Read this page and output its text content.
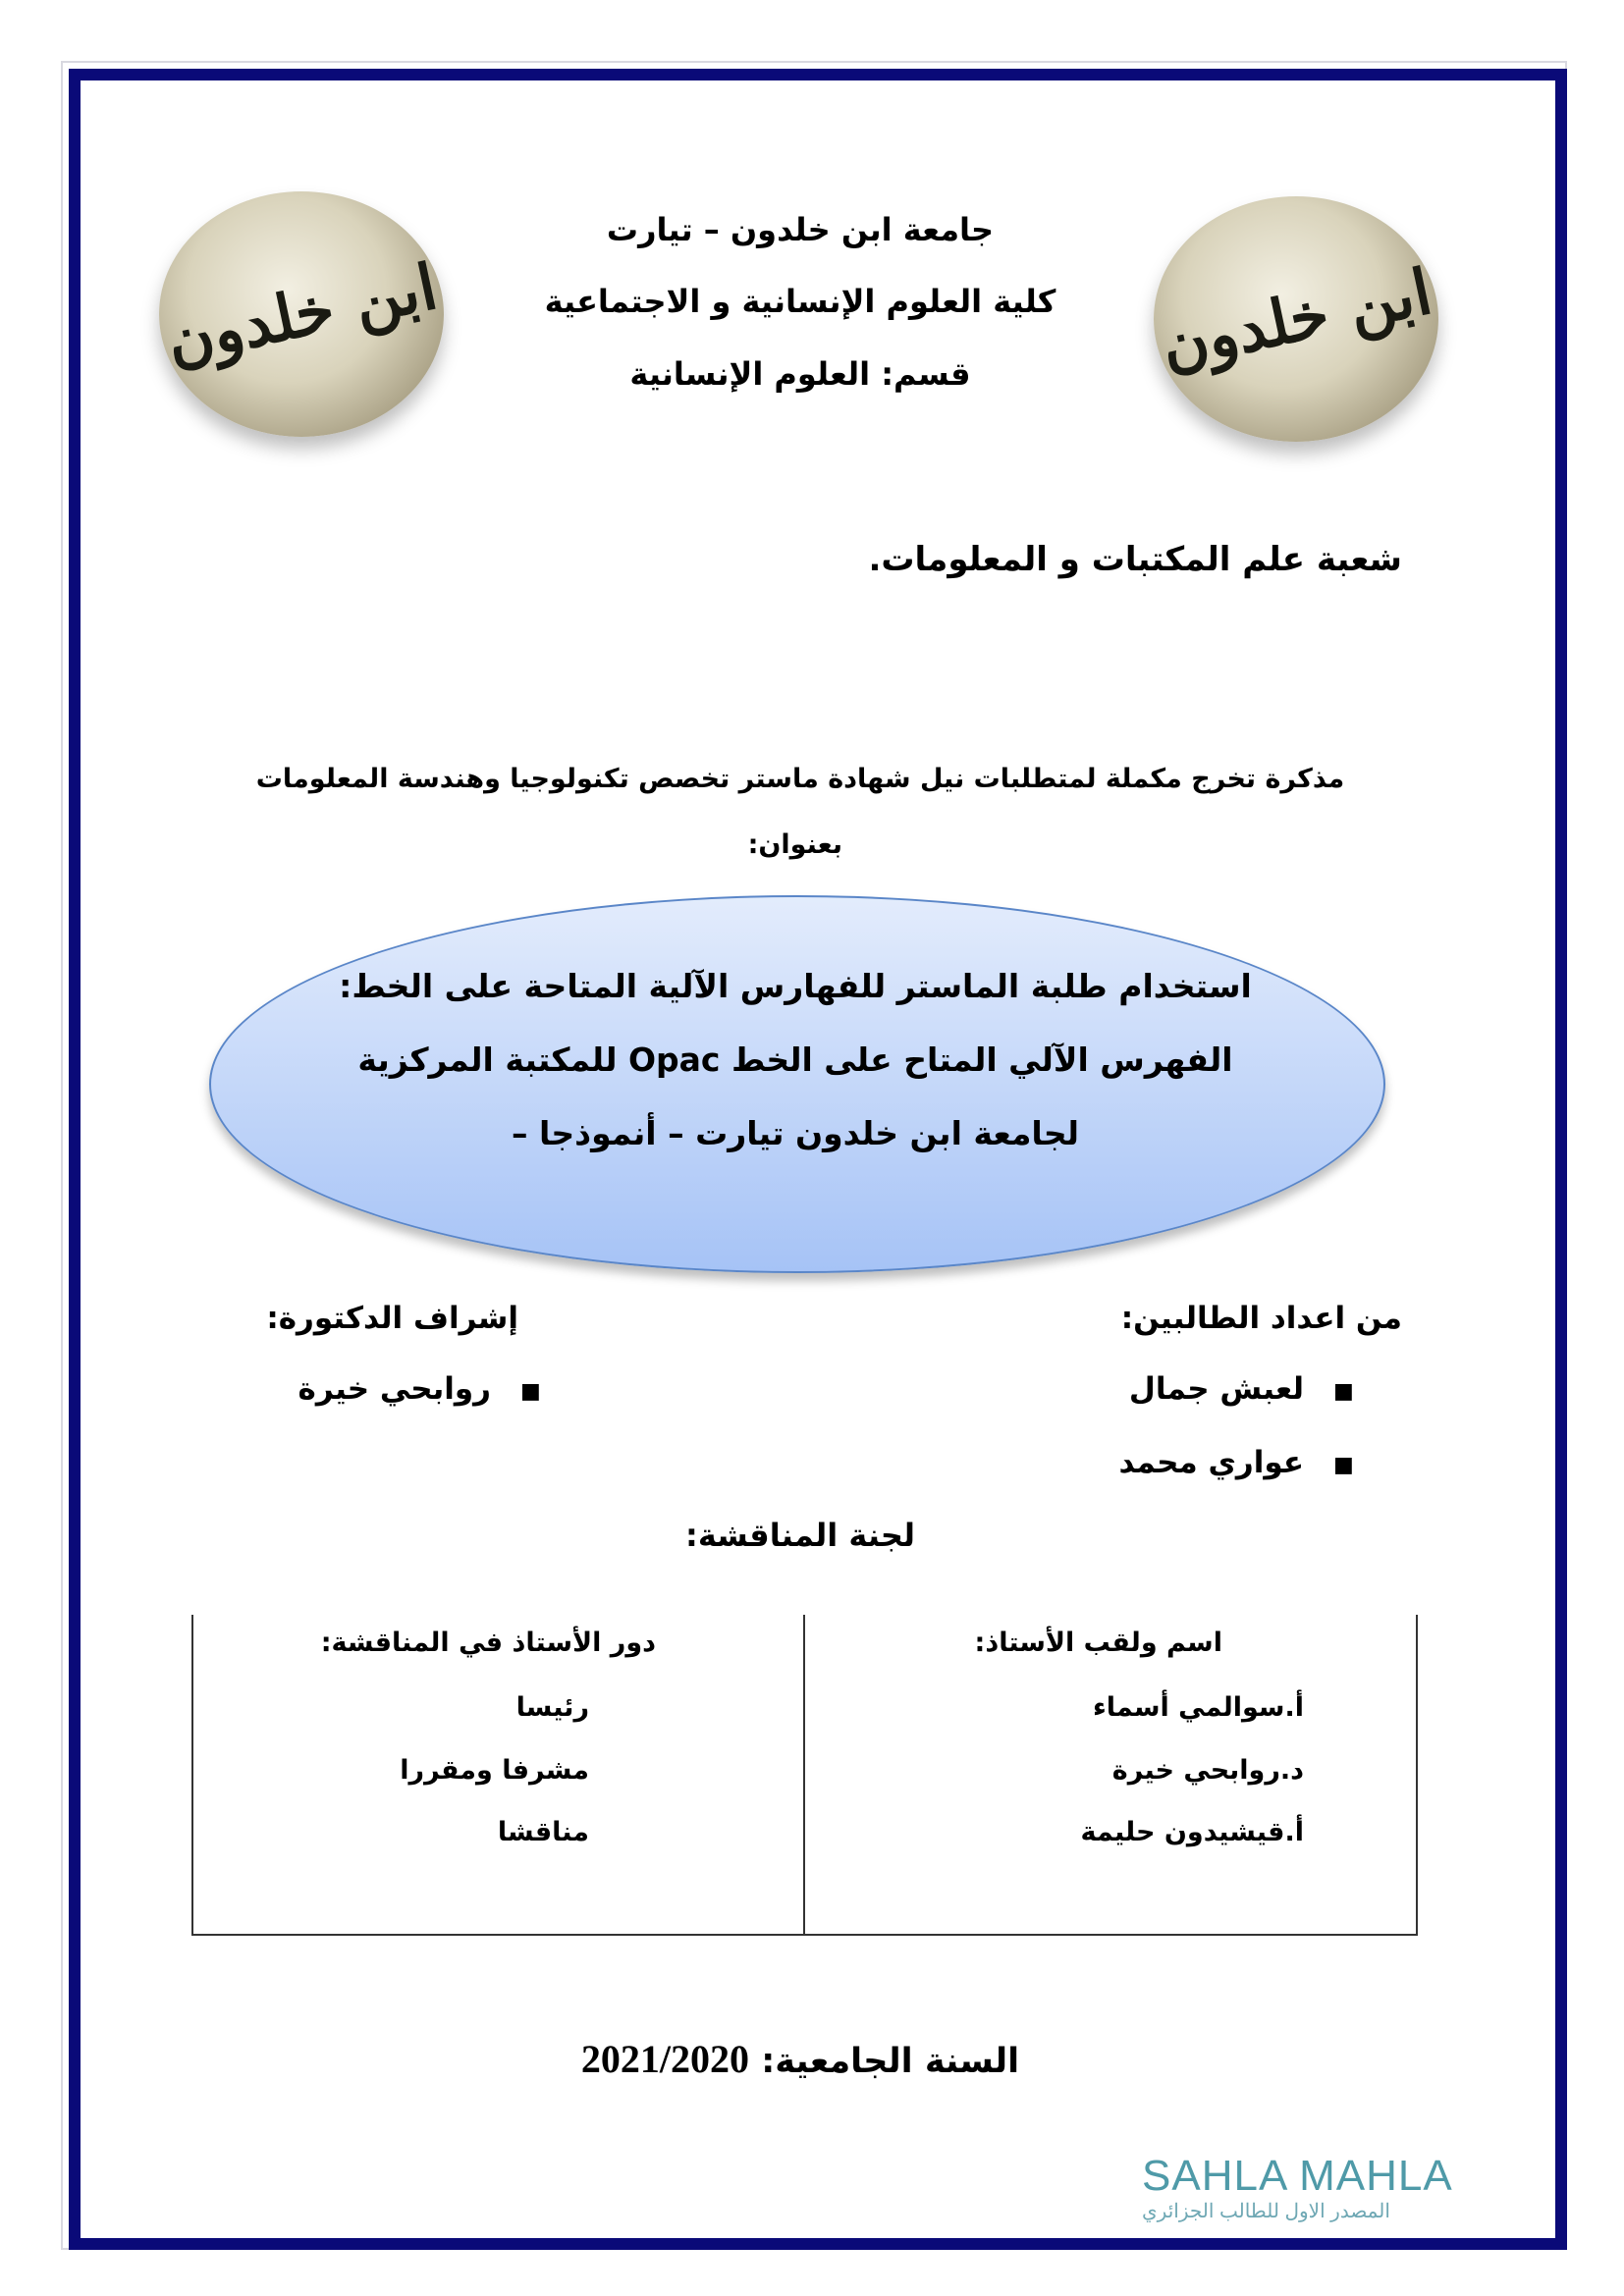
ابن خلدون	ابن خلدون
جامعة ابن خلدون – تيارت
كلية العلوم الإنسانية و الاجتماعية
قسم: العلوم الإنسانية
شعبة علم المكتبات و المعلومات.
مذكرة تخرج مكملة لمتطلبات نيل شهادة ماستر تخصص تكنولوجيا وهندسة المعلومات
بعنوان:
استخدام طلبة الماستر للفهارس الآلية المتاحة على الخط:
الفهرس الآلي المتاح على الخط Opac للمكتبة المركزية
لجامعة ابن خلدون تيارت – أنموذجا –
من اعداد الطالبين:
إشراف الدكتورة:
■
لعبش جمال
■
عواري محمد
■
روابحي خيرة
لجنة المناقشة:
اسم ولقب الأستاذ:
دور الأستاذ في المناقشة:
أ.سوالمي أسماء
رئيسا
د.روابحي خيرة
مشرفا ومقررا
أ.قيشيدون حليمة
مناقشا
السنة الجامعية: 2021/2020
SAHLA MAHLA
المصدر الاول للطالب الجزائري
